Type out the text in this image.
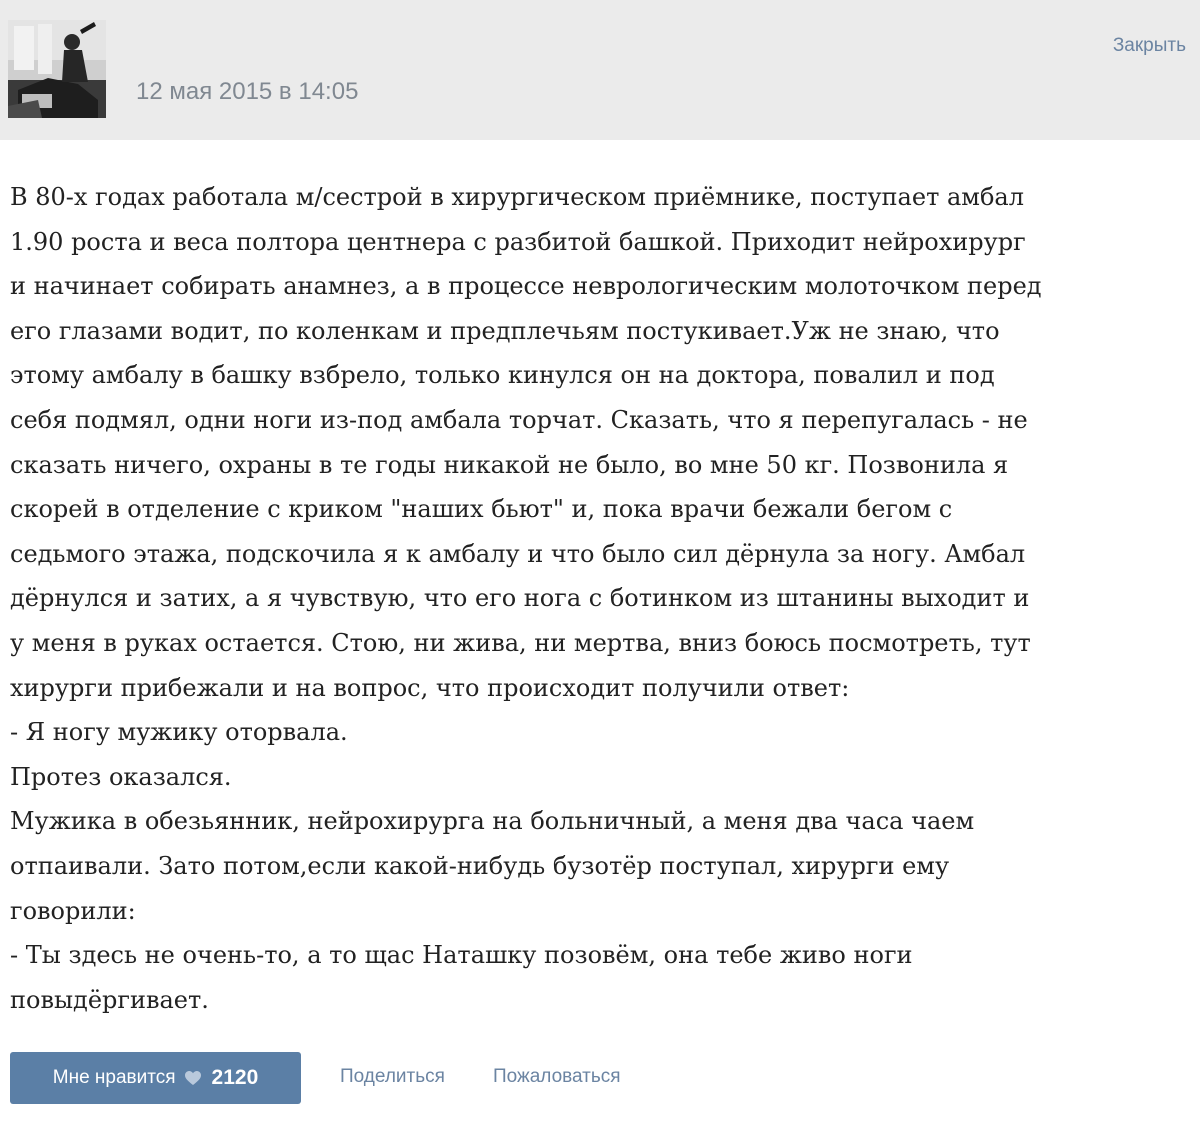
12 мая 2015 в 14:05
Закрыть
В 80-х годах работала м/сестрой в хирургическом приёмнике, поступает амбал
1.90 роста и веса полтора центнера с разбитой башкой. Приходит нейрохирург
и начинает собирать анамнез, а в процессе неврологическим молоточком перед
его глазами водит, по коленкам и предплечьям постукивает.Уж не знаю, что
этому амбалу в башку взбрело, только кинулся он на доктора, повалил и под
себя подмял, одни ноги из-под амбала торчат. Сказать, что я перепугалась - не
сказать ничего, охраны в те годы никакой не было, во мне 50 кг. Позвонила я
скорей в отделение с криком "наших бьют" и, пока врачи бежали бегом с
седьмого этажа, подскочила я к амбалу и что было сил дёрнула за ногу. Амбал
дёрнулся и затих, а я чувствую, что его нога с ботинком из штанины выходит и
у меня в руках остается. Стою, ни жива, ни мертва, вниз боюсь посмотреть, тут
хирурги прибежали и на вопрос, что происходит получили ответ:
- Я ногу мужику оторвала.
Протез оказался.
Мужика в обезьянник, нейрохирурга на больничный, а меня два часа чаем
отпаивали. Зато потом,если какой-нибудь бузотёр поступал, хирурги ему
говорили:
- Ты здесь не очень-то, а то щас Наташку позовём, она тебе живо ноги
повыдёргивает.
Мне нравится 2120	Поделиться	Пожаловаться
